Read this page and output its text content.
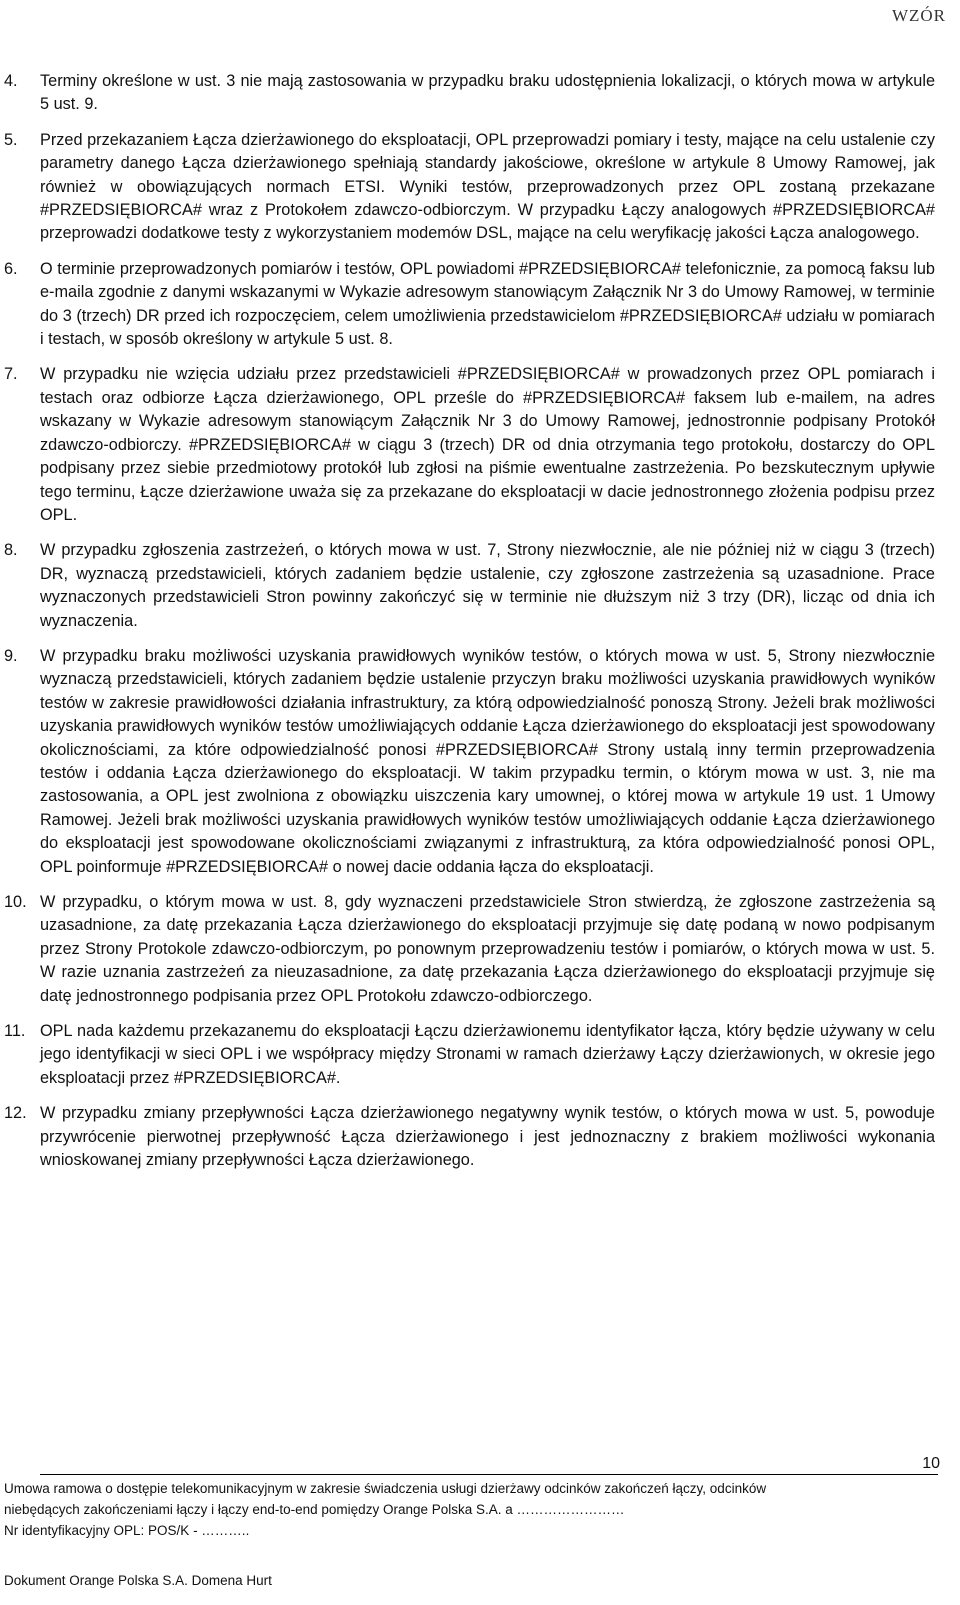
WZÓR
4.	Terminy określone w ust. 3 nie mają zastosowania w przypadku braku udostępnienia lokalizacji, o których mowa w artykule 5 ust. 9.
5.	Przed przekazaniem Łącza dzierżawionego do eksploatacji, OPL przeprowadzi pomiary i testy, mające na celu ustalenie czy parametry danego Łącza dzierżawionego spełniają standardy jakościowe, określone w artykule 8 Umowy Ramowej, jak również w obowiązujących normach ETSI. Wyniki testów, przeprowadzonych przez OPL zostaną przekazane #PRZEDSIĘBIORCA# wraz z Protokołem zdawczo-odbiorczym. W przypadku Łączy analogowych #PRZEDSIĘBIORCA# przeprowadzi dodatkowe testy z wykorzystaniem modemów DSL, mające na celu weryfikację jakości Łącza analogowego.
6.	O terminie przeprowadzonych pomiarów i testów, OPL powiadomi #PRZEDSIĘBIORCA# telefonicznie, za pomocą faksu lub e-maila zgodnie z danymi wskazanymi w Wykazie adresowym stanowiącym Załącznik Nr 3 do Umowy Ramowej, w terminie do 3 (trzech) DR przed ich rozpoczęciem, celem umożliwienia przedstawicielom #PRZEDSIĘBIORCA# udziału w pomiarach i testach, w sposób określony w artykule 5 ust. 8.
7.	W przypadku nie wzięcia udziału przez przedstawicieli #PRZEDSIĘBIORCA# w prowadzonych przez OPL pomiarach i testach oraz odbiorze Łącza dzierżawionego, OPL prześle do #PRZEDSIĘBIORCA# faksem lub e-mailem, na adres wskazany w Wykazie adresowym stanowiącym Załącznik Nr 3 do Umowy Ramowej, jednostronnie podpisany Protokół zdawczo-odbiorczy. #PRZEDSIĘBIORCA# w ciągu 3 (trzech) DR od dnia otrzymania tego protokołu, dostarczy do OPL podpisany przez siebie przedmiotowy protokół lub zgłosi na piśmie ewentualne zastrzeżenia. Po bezskutecznym upływie tego terminu, Łącze dzierżawione uważa się za przekazane do eksploatacji w dacie jednostronnego złożenia podpisu przez OPL.
8.	W przypadku zgłoszenia zastrzeżeń, o których mowa w ust. 7, Strony niezwłocznie, ale nie później niż w ciągu 3 (trzech) DR, wyznaczą przedstawicieli, których zadaniem będzie ustalenie, czy zgłoszone zastrzeżenia są uzasadnione. Prace wyznaczonych przedstawicieli Stron powinny zakończyć się w terminie nie dłuższym niż 3 trzy (DR), licząc od dnia ich wyznaczenia.
9.	W przypadku braku możliwości uzyskania prawidłowych wyników testów, o których mowa w ust. 5, Strony niezwłocznie wyznaczą przedstawicieli, których zadaniem będzie ustalenie przyczyn braku możliwości uzyskania prawidłowych wyników testów w zakresie prawidłowości działania infrastruktury, za którą odpowiedzialność ponoszą Strony. Jeżeli brak możliwości uzyskania prawidłowych wyników testów umożliwiających oddanie Łącza dzierżawionego do eksploatacji jest spowodowany okolicznościami, za które odpowiedzialność ponosi #PRZEDSIĘBIORCA# Strony ustalą inny termin przeprowadzenia testów i oddania Łącza dzierżawionego do eksploatacji. W takim przypadku termin, o którym mowa w ust. 3, nie ma zastosowania, a OPL jest zwolniona z obowiązku uiszczenia kary umownej, o której mowa w artykule 19 ust. 1 Umowy Ramowej. Jeżeli brak możliwości uzyskania prawidłowych wyników testów umożliwiających oddanie Łącza dzierżawionego do eksploatacji jest spowodowane okolicznościami związanymi z infrastrukturą, za która odpowiedzialność ponosi OPL, OPL poinformuje #PRZEDSIĘBIORCA# o nowej dacie oddania łącza do eksploatacji.
10. W przypadku, o którym mowa w ust. 8, gdy wyznaczeni przedstawiciele Stron stwierdzą, że zgłoszone zastrzeżenia są uzasadnione, za datę przekazania Łącza dzierżawionego do eksploatacji przyjmuje się datę podaną w nowo podpisanym przez Strony Protokole zdawczo-odbiorczym, po ponownym przeprowadzeniu testów i pomiarów, o których mowa w ust. 5. W razie uznania zastrzeżeń za nieuzasadnione, za datę przekazania Łącza dzierżawionego do eksploatacji przyjmuje się datę jednostronnego podpisania przez OPL Protokołu zdawczo-odbiorczego.
11. OPL nada każdemu przekazanemu do eksploatacji Łączu dzierżawionemu identyfikator łącza, który będzie używany w celu jego identyfikacji w sieci OPL i we współpracy między Stronami w ramach dzierżawy Łączy dzierżawionych, w okresie jego eksploatacji przez #PRZEDSIĘBIORCA#.
12. W przypadku zmiany przepływności Łącza dzierżawionego negatywny wynik testów, o których mowa w ust. 5, powoduje przywrócenie pierwotnej przepływność Łącza dzierżawionego i jest jednoznaczny z brakiem możliwości wykonania wnioskowanej zmiany przepływności Łącza dzierżawionego.
10
Umowa ramowa o dostępie telekomunikacyjnym w zakresie świadczenia usługi dzierżawy odcinków zakończeń łączy, odcinków
niebędących zakończeniami łączy i łączy end-to-end pomiędzy Orange Polska S.A. a ……………………
Nr identyfikacyjny OPL: POS/K - ………..
Dokument Orange Polska S.A. Domena Hurt
